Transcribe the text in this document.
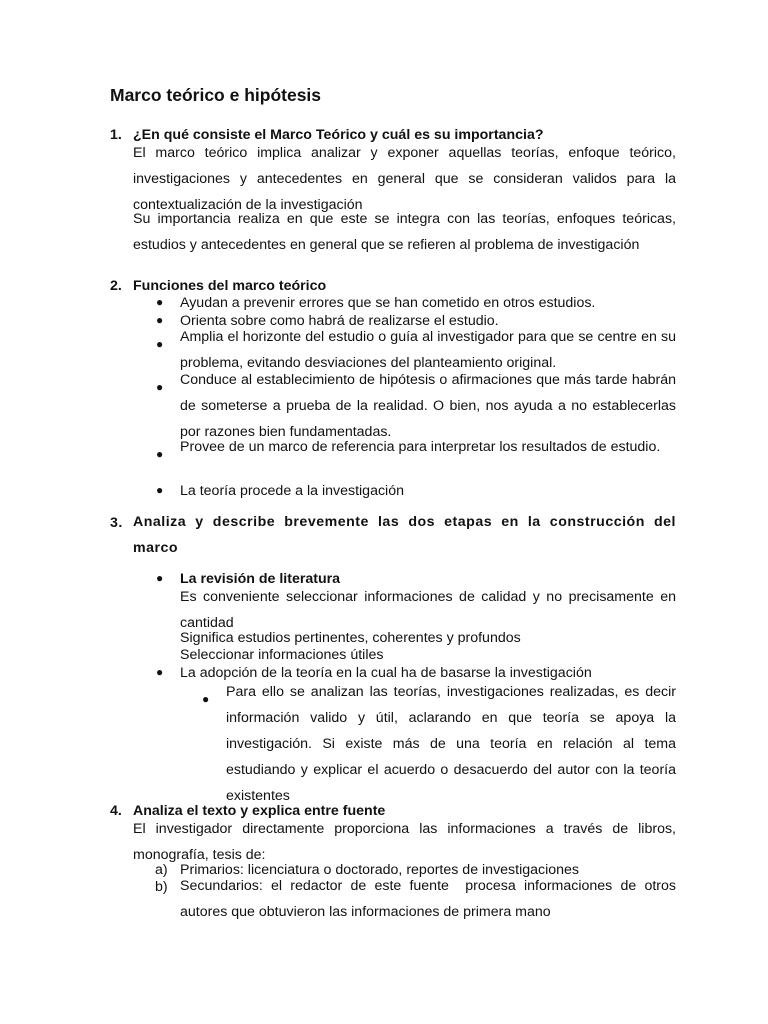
Marco teórico e hipótesis
1. ¿En qué consiste el Marco Teórico y cuál es su importancia?

El marco teórico implica analizar y exponer aquellas teorías, enfoque teórico, investigaciones y antecedentes en general que se consideran validos para la contextualización de la investigación

Su importancia realiza en que este se integra con las teorías, enfoques teóricas, estudios y antecedentes en general que se refieren al problema de investigación

2. Funciones del marco teórico
● Ayudan a prevenir errores que se han cometido en otros estudios.
● Orienta sobre como habrá de realizarse el estudio.
● Amplia el horizonte del estudio o guía al investigador para que se centre en su problema, evitando desviaciones del planteamiento original.
● Conduce al establecimiento de hipótesis o afirmaciones que más tarde habrán de someterse a prueba de la realidad. O bien, nos ayuda a no establecerlas por razones bien fundamentadas.
● Provee de un marco de referencia para interpretar los resultados de estudio.
● La teoría procede a la investigación
3. Analiza y describe brevemente las dos etapas en la construcción del marco
● La revisión de literatura

Es conveniente seleccionar informaciones de calidad y no precisamente en cantidad

Significa estudios pertinentes, coherentes y profundos

Seleccionar informaciones útiles

● La adopción de la teoría en la cual ha de basarse la investigación
● Para ello se analizan las teorías, investigaciones realizadas, es decir información valido y útil, aclarando en que teoría se apoya la investigación. Si existe más de una teoría en relación al tema estudiando y explicar el acuerdo o desacuerdo del autor con la teoría existentes
4. Analiza el texto y explica entre fuente

El investigador directamente proporciona las informaciones a través de libros, monografía, tesis de:

a) Primarios: licenciatura o doctorado, reportes de investigaciones
b) Secundarios: el redactor de este fuente  procesa informaciones de otros autores que obtuvieron las informaciones de primera mano
